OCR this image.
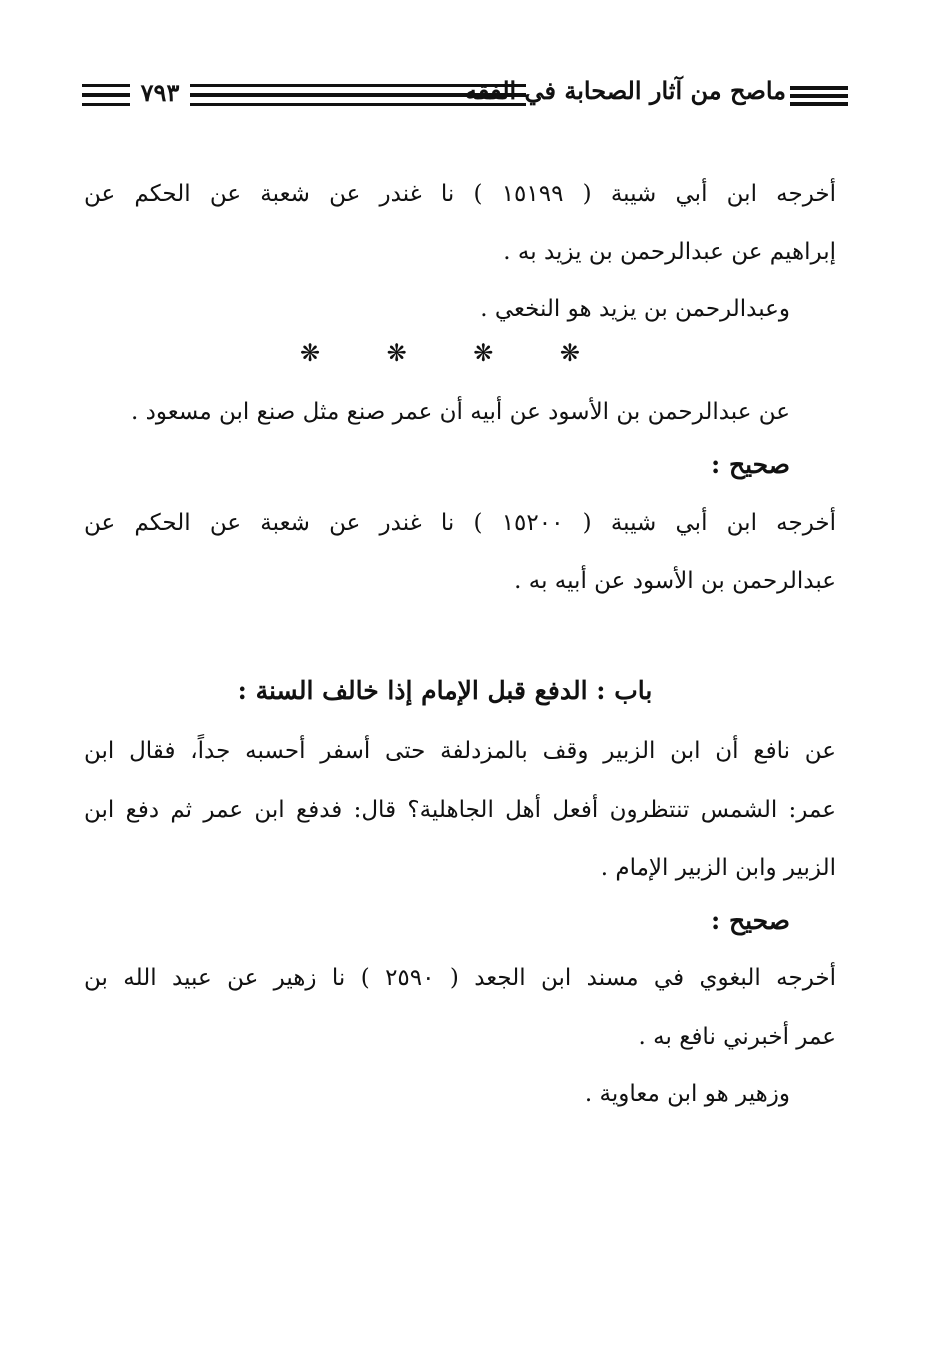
٧٩٣	ماصح من آثار الصحابة في الفقه
أخرجه ابن أبي شيبة ( ١٥١٩٩ ) نا غندر عن شعبة عن الحكم عن
إبراهيم عن عبدالرحمن بن يزيد به .
وعبدالرحمن بن يزيد هو النخعي .
❋	❋	❋	❋
عن عبدالرحمن بن الأسود عن أبيه أن عمر صنع مثل صنع ابن مسعود .
صحيح :
أخرجه ابن أبي شيبة ( ١٥٢٠٠ ) نا غندر عن شعبة عن الحكم عن
عبدالرحمن بن الأسود عن أبيه به .
باب : الدفع قبل الإمام إذا خالف السنة :
عن نافع أن ابن الزبير وقف بالمزدلفة حتى أسفر أحسبه جداً، فقال ابن
عمر: الشمس تنتظرون أفعل أهل الجاهلية؟ قال: فدفع ابن عمر ثم دفع ابن
الزبير وابن الزبير الإمام .
صحيح :
أخرجه البغوي في مسند ابن الجعد ( ٢٥٩٠ ) نا زهير عن عبيد الله بن
عمر أخبرني نافع به .
وزهير هو ابن معاوية .
